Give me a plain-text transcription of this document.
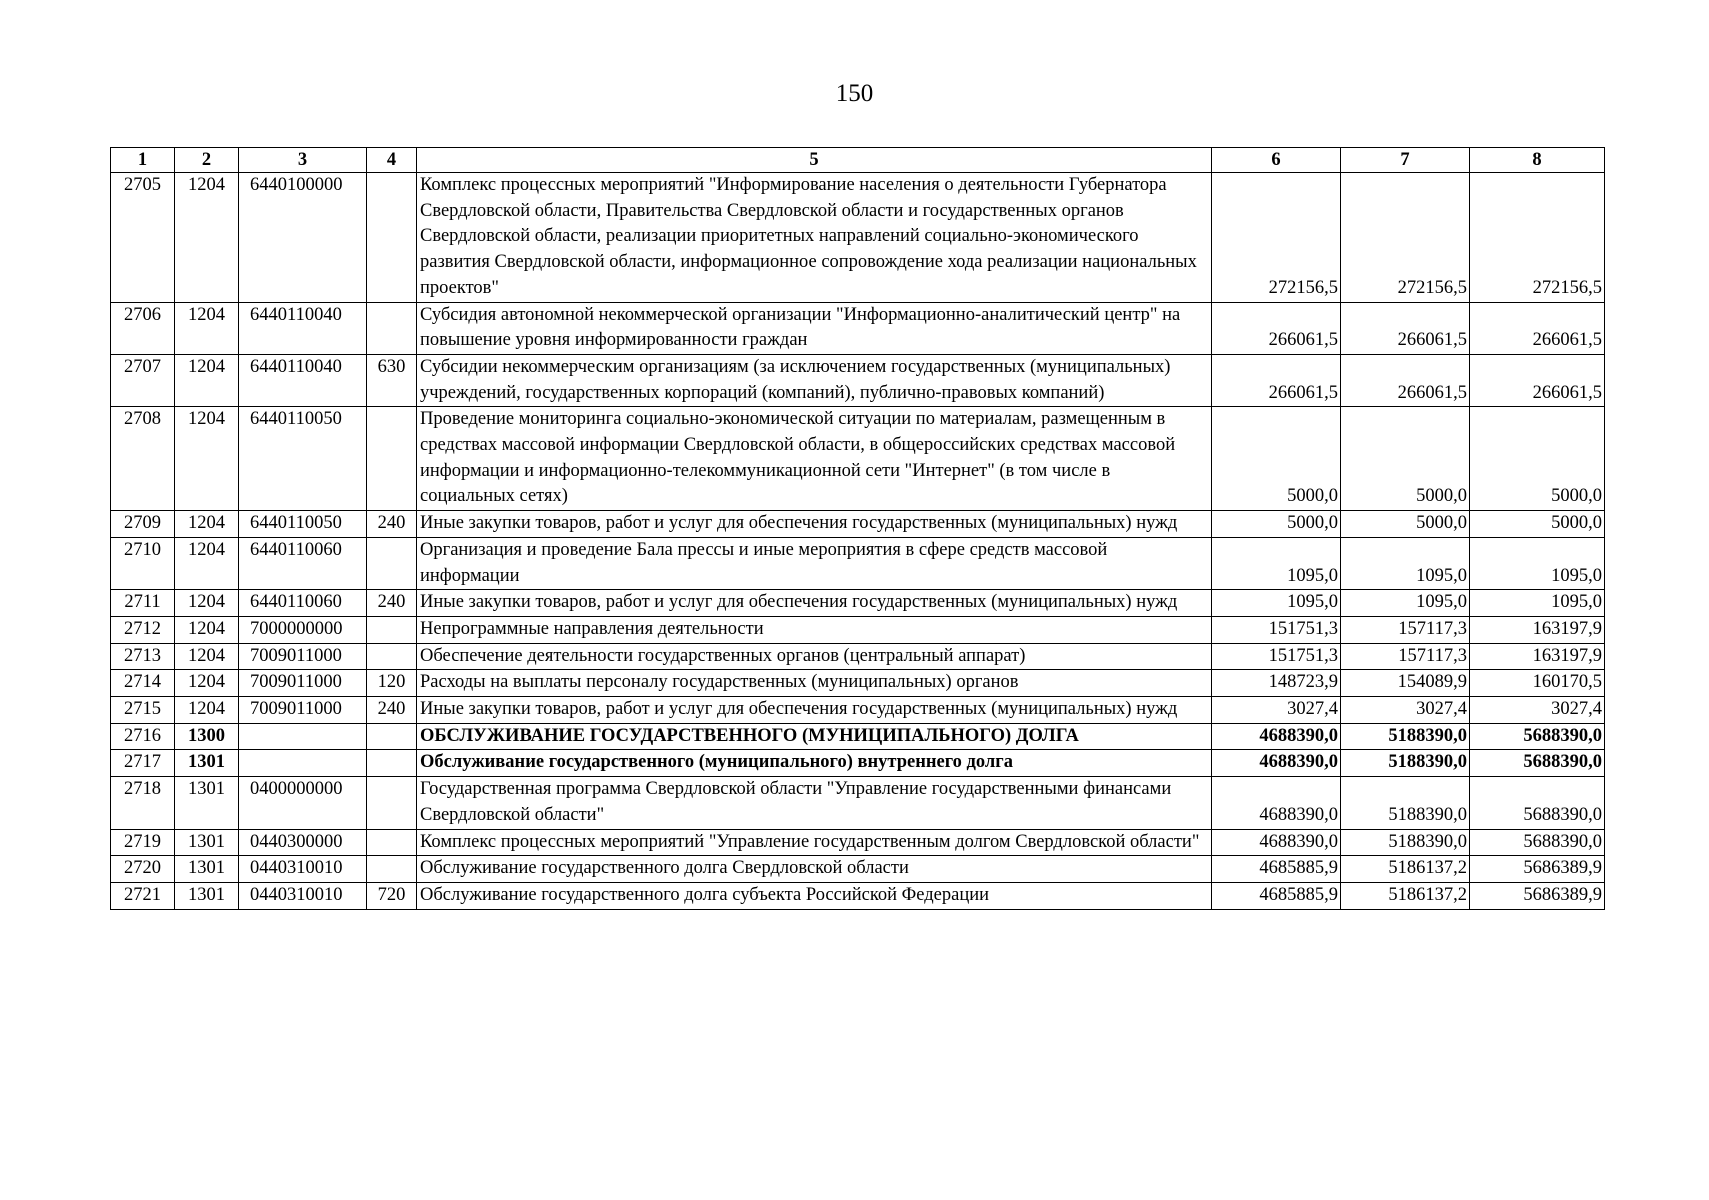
150
1	2	3	4	5	6	7	8
2705	1204	6440100000		Комплекс процессных мероприятий "Информирование населения о деятельности Губернатора Свердловской области, Правительства Свердловской области и государственных органов Свердловской области, реализации приоритетных направлений социально-экономического развития Свердловской области, информационное сопровождение хода реализации национальных проектов"	272156,5	272156,5	272156,5
2706	1204	6440110040		Субсидия автономной некоммерческой организации "Информационно-аналитический центр" на повышение уровня информированности граждан	266061,5	266061,5	266061,5
2707	1204	6440110040	630	Субсидии некоммерческим организациям (за исключением государственных (муниципальных) учреждений, государственных корпораций (компаний), публично-правовых компаний)	266061,5	266061,5	266061,5
2708	1204	6440110050		Проведение мониторинга социально-экономической ситуации по материалам, размещенным в средствах массовой информации Свердловской области, в общероссийских средствах массовой информации и информационно-телекоммуникационной сети "Интернет" (в том числе в социальных сетях)	5000,0	5000,0	5000,0
2709	1204	6440110050	240	Иные закупки товаров, работ и услуг для обеспечения государственных (муниципальных) нужд	5000,0	5000,0	5000,0
2710	1204	6440110060		Организация и проведение Бала прессы и иные мероприятия в сфере средств массовой информации	1095,0	1095,0	1095,0
2711	1204	6440110060	240	Иные закупки товаров, работ и услуг для обеспечения государственных (муниципальных) нужд	1095,0	1095,0	1095,0
2712	1204	7000000000		Непрограммные направления деятельности	151751,3	157117,3	163197,9
2713	1204	7009011000		Обеспечение деятельности государственных органов (центральный аппарат)	151751,3	157117,3	163197,9
2714	1204	7009011000	120	Расходы на выплаты персоналу государственных (муниципальных) органов	148723,9	154089,9	160170,5
2715	1204	7009011000	240	Иные закупки товаров, работ и услуг для обеспечения государственных (муниципальных) нужд	3027,4	3027,4	3027,4
2716	1300			ОБСЛУЖИВАНИЕ ГОСУДАРСТВЕННОГО (МУНИЦИПАЛЬНОГО) ДОЛГА	4688390,0	5188390,0	5688390,0
2717	1301			Обслуживание государственного (муниципального) внутреннего долга	4688390,0	5188390,0	5688390,0
2718	1301	0400000000		Государственная программа Свердловской области "Управление государственными финансами Свердловской области"	4688390,0	5188390,0	5688390,0
2719	1301	0440300000		Комплекс процессных мероприятий "Управление государственным долгом Свердловской области"	4688390,0	5188390,0	5688390,0
2720	1301	0440310010		Обслуживание государственного долга Свердловской области	4685885,9	5186137,2	5686389,9
2721	1301	0440310010	720	Обслуживание государственного долга субъекта Российской Федерации	4685885,9	5186137,2	5686389,9
